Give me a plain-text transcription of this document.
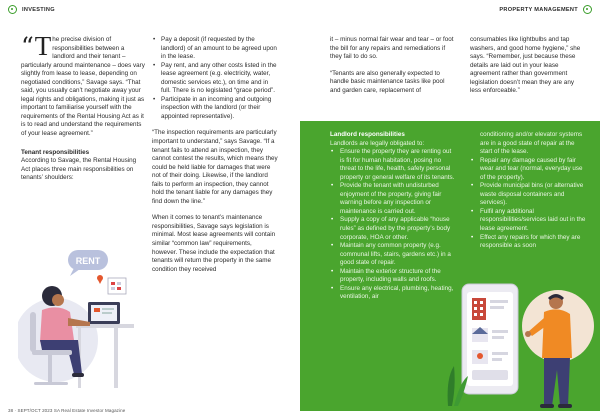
INVESTING	PROPERTY MANAGEMENT

“ T he precise division of responsibilities between a landlord and their tenant – particularly around maintenance – does vary slightly from lease to lease, depending on negotiated conditions,” Savage says. “That said, you usually can’t negotiate away your legal rights and obligations, making it just as important to familiarise yourself with the requirements of the Rental Housing Act as it is to read and understand the requirements of your lease agreement.”

Tenant responsibilities

According to Savage, the Rental Housing Act places three main responsibilities on tenants’ shoulders:

• Pay a deposit (if requested by the landlord) of an amount to be agreed upon in the lease.
• Pay rent, and any other costs listed in the lease agreement (e.g. electricity, water, domestic services etc.), on time and in full. There is no legislated “grace period”.
• Participate in an incoming and outgoing inspection with the landlord (or their appointed representative).

“The inspection requirements are particularly important to understand,” says Savage. “If a tenant fails to attend an inspection, they cannot contest the results, which means they could be held liable for damages that were not of their doing. Likewise, if the landlord fails to perform an inspection, they cannot hold the tenant liable for any damages they find down the line.”

When it comes to tenant’s maintenance responsibilities, Savage says legislation is minimal. Most lease agreements will contain similar “common law” requirements, however. These include the expectation that tenants will return the property in the same condition they received

it – minus normal fair wear and tear – or foot the bill for any repairs and remediations if they fail to do so.

“Tenants are also generally expected to handle basic maintenance tasks like pool and garden care, replacement of

consumables like lightbulbs and tap washers, and good home hygiene,” she says. “Remember, just because these details are laid out in your lease agreement rather than government legislation doesn’t mean they are any less enforceable.”

RENT

Landlord responsibilities

Landlords are legally obligated to:

• Ensure the property they are renting out is fit for human habitation, posing no threat to the life, health, safety personal property or general welfare of its tenants.
• Provide the tenant with undisturbed enjoyment of the property, giving fair warning before any inspection or maintenance is carried out.
• Supply a copy of any applicable “house rules” as defined by the property’s body corporate, HOA or other.
• Maintain any common property (e.g. communal lifts, stairs, gardens etc.) in a good state of repair.
• Maintain the exterior structure of the property, including walls and roofs.
• Ensure any electrical, plumbing, heating, ventilation, air

conditioning and/or elevator systems are in a good state of repair at the start of the lease.

• Repair any damage caused by fair wear and tear (normal, everyday use of the property).
• Provide municipal bins (or alternative waste disposal containers and services).
• Fulfil any additional responsibilities/services laid out in the lease agreement.
• Effect any repairs for which they are responsible as soon
38 · SEPT/OCT 2023 SA Real Estate Investor Magazine
